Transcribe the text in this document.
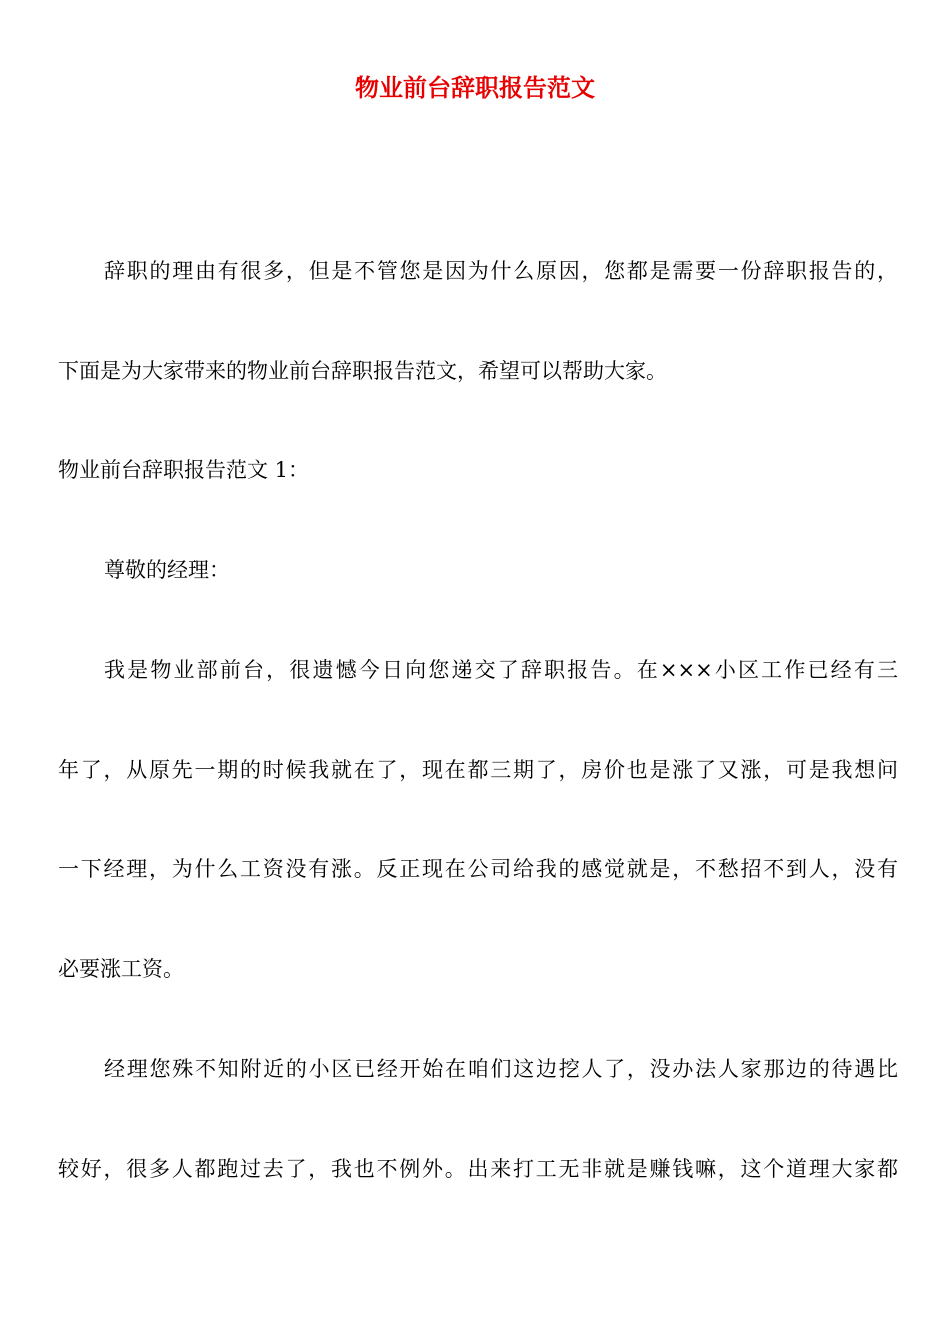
物业前台辞职报告范文
辞职的理由有很多，但是不管您是因为什么原因，您都是需要一份辞职报告的，
下面是为大家带来的物业前台辞职报告范文，希望可以帮助大家。
物业前台辞职报告范文 1：
尊敬的经理：
我是物业部前台，很遗憾今日向您递交了辞职报告。在×××小区工作已经有三
年了，从原先一期的时候我就在了，现在都三期了，房价也是涨了又涨，可是我想问
一下经理，为什么工资没有涨。反正现在公司给我的感觉就是，不愁招不到人，没有
必要涨工资。
经理您殊不知附近的小区已经开始在咱们这边挖人了，没办法人家那边的待遇比
较好，很多人都跑过去了，我也不例外。出来打工无非就是赚钱嘛，这个道理大家都
